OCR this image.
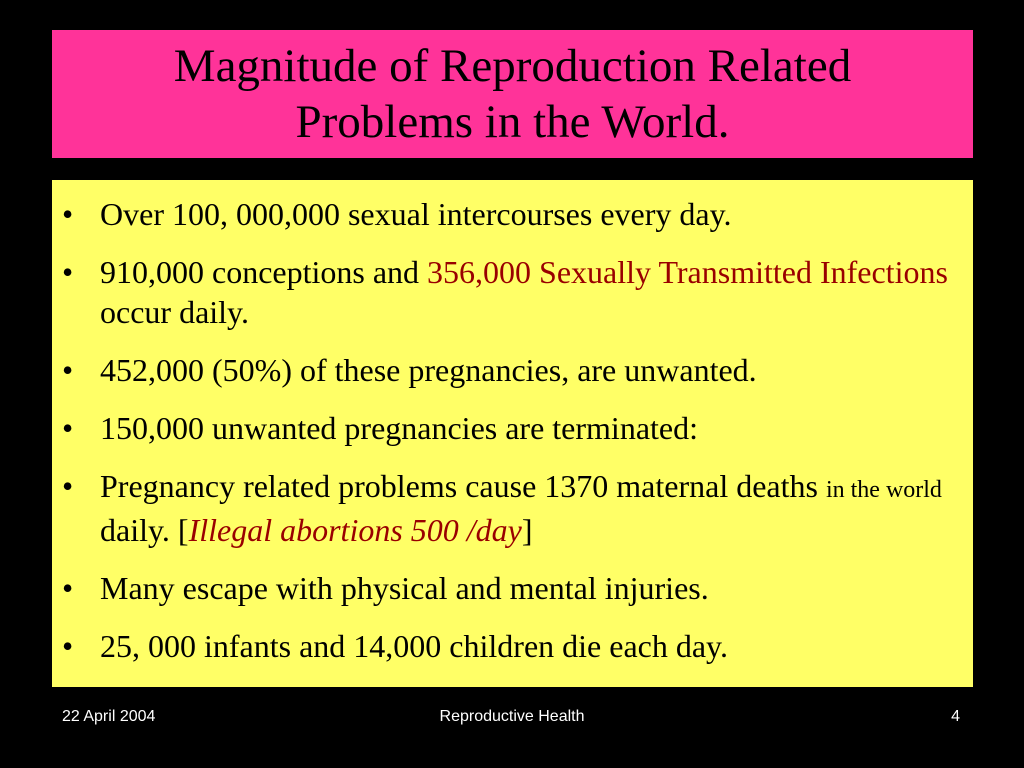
Magnitude of Reproduction Related Problems in the World.
• Over 100, 000,000 sexual intercourses every day.
• 910,000 conceptions and 356,000 Sexually Transmitted Infections occur daily.
• 452,000 (50%) of these pregnancies, are unwanted.
• 150,000 unwanted pregnancies are terminated:
• Pregnancy related problems cause 1370 maternal deaths in the world daily. [Illegal abortions 500 /day]
• Many escape with physical and mental injuries.
• 25, 000 infants and 14,000 children die each day.
22 April 2004	Reproductive Health	4
